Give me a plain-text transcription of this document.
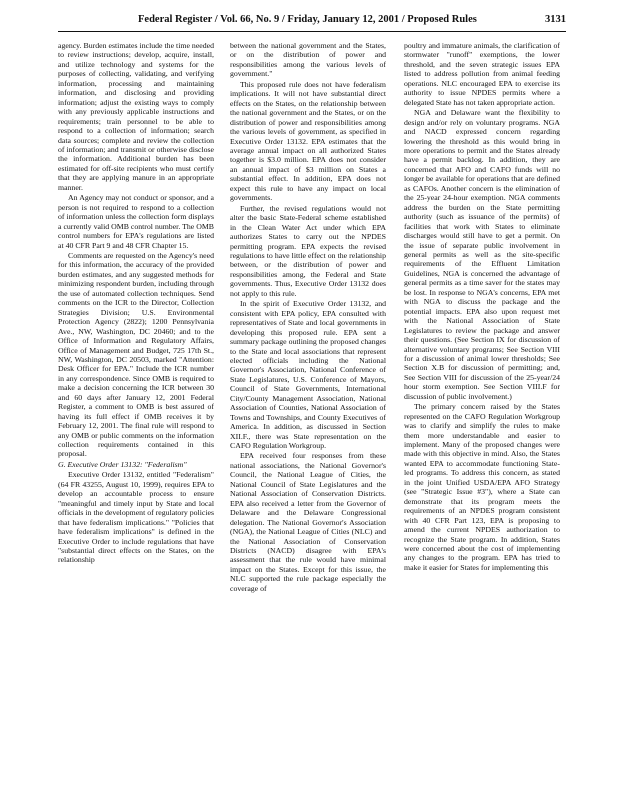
Federal Register / Vol. 66, No. 9 / Friday, January 12, 2001 / Proposed Rules	3131

agency. Burden estimates include the time needed to review instructions; develop, acquire, install, and utilize technology and systems for the purposes of collecting, validating, and verifying information, processing and maintaining information, and disclosing and providing information; adjust the existing ways to comply with any previously applicable instructions and requirements; train personnel to be able to respond to a collection of information; search data sources; complete and review the collection of information; and transmit or otherwise disclose the information. Additional burden has been estimated for off-site recipients who must certify that they are applying manure in an appropriate manner.

An Agency may not conduct or sponsor, and a person is not required to respond to a collection of information unless the collection form displays a currently valid OMB control number. The OMB control numbers for EPA's regulations are listed at 40 CFR Part 9 and 48 CFR Chapter 15.

Comments are requested on the Agency's need for this information, the accuracy of the provided burden estimates, and any suggested methods for minimizing respondent burden, including through the use of automated collection techniques. Send comments on the ICR to the Director, Collection Strategies Division; U.S. Environmental Protection Agency (2822); 1200 Pennsylvania Ave., NW, Washington, DC 20460; and to the Office of Information and Regulatory Affairs, Office of Management and Budget, 725 17th St., NW, Washington, DC 20503, marked "Attention: Desk Officer for EPA." Include the ICR number in any correspondence. Since OMB is required to make a decision concerning the ICR between 30 and 60 days after January 12, 2001 Federal Register, a comment to OMB is best assured of having its full effect if OMB receives it by February 12, 2001. The final rule will respond to any OMB or public comments on the information collection requirements contained in this proposal.

G. Executive Order 13132: "Federalism"

Executive Order 13132, entitled "Federalism" (64 FR 43255, August 10, 1999), requires EPA to develop an accountable process to ensure "meaningful and timely input by State and local officials in the development of regulatory policies that have federalism implications." "Policies that have federalism implications" is defined in the Executive Order to include regulations that have "substantial direct effects on the States, on the relationship

between the national government and the States, or on the distribution of power and responsibilities among the various levels of government."

This proposed rule does not have federalism implications. It will not have substantial direct effects on the States, on the relationship between the national government and the States, or on the distribution of power and responsibilities among the various levels of government, as specified in Executive Order 13132. EPA estimates that the average annual impact on all authorized States together is $3.0 million. EPA does not consider an annual impact of $3 million on States a substantial effect. In addition, EPA does not expect this rule to have any impact on local governments.

Further, the revised regulations would not alter the basic State-Federal scheme established in the Clean Water Act under which EPA authorizes States to carry out the NPDES permitting program. EPA expects the revised regulations to have little effect on the relationship between, or the distribution of power and responsibilities among, the Federal and State governments. Thus, Executive Order 13132 does not apply to this rule.

In the spirit of Executive Order 13132, and consistent with EPA policy, EPA consulted with representatives of State and local governments in developing this proposed rule. EPA sent a summary package outlining the proposed changes to the State and local associations that represent elected officials including the National Governor's Association, National Conference of State Legislatures, U.S. Conference of Mayors, Council of State Governments, International City/County Management Association, National Association of Counties, National Association of Towns and Townships, and County Executives of America. In addition, as discussed in Section XII.F., there was State representation on the CAFO Regulation Workgroup.

EPA received four responses from these national associations, the National Governor's Council, the National League of Cities, the National Council of State Legislatures and the National Association of Conservation Districts. EPA also received a letter from the Governor of Delaware and the Delaware Congressional delegation. The National Governor's Association (NGA), the National League of Cities (NLC) and the National Association of Conservation Districts (NACD) disagree with EPA's assessment that the rule would have minimal impact on the States. Except for this issue, the NLC supported the rule package especially the coverage of

poultry and immature animals, the clarification of stormwater "runoff" exemptions, the lower threshold, and the seven strategic issues EPA listed to address pollution from animal feeding operations. NLC encouraged EPA to exercise its authority to issue NPDES permits where a delegated State has not taken appropriate action.

NGA and Delaware want the flexibility to design and/or rely on voluntary programs. NGA and NACD expressed concern regarding lowering the threshold as this would bring in more operations to permit and the States already have a permit backlog. In addition, they are concerned that AFO and CAFO funds will no longer be available for operations that are defined as CAFOs. Another concern is the elimination of the 25-year 24-hour exemption. NGA comments address the burden on the State permitting authority (such as issuance of the permits) of facilities that work with States to eliminate discharges would still have to get a permit. On the issue of separate public involvement in general permits as well as the site-specific requirements of the Effluent Limitation Guidelines, NGA is concerned the advantage of general permits as a time saver for the states may be lost. In response to NGA's concerns, EPA met with NGA to discuss the package and the potential impacts. EPA also upon request met with the National Association of State Legislatures to review the package and answer their questions. (See Section IX for discussion of alternative voluntary programs; See Section VIII for a discussion of animal lower thresholds; See Section X.B for discussion of permitting; and, See Section VIII for discussion of the 25-year/24 hour storm exemption. See Section VIII.F for discussion of public involvement.)

The primary concern raised by the States represented on the CAFO Regulation Workgroup was to clarify and simplify the rules to make them more understandable and easier to implement. Many of the proposed changes were made with this objective in mind. Also, the States wanted EPA to accommodate functioning State-led programs. To address this concern, as stated in the joint Unified USDA/EPA AFO Strategy (see "Strategic Issue #3"), where a State can demonstrate that its program meets the requirements of an NPDES program consistent with 40 CFR Part 123, EPA is proposing to amend the current NPDES authorization to recognize the State program. In addition, States were concerned about the cost of implementing any changes to the program. EPA has tried to make it easier for States for implementing this
